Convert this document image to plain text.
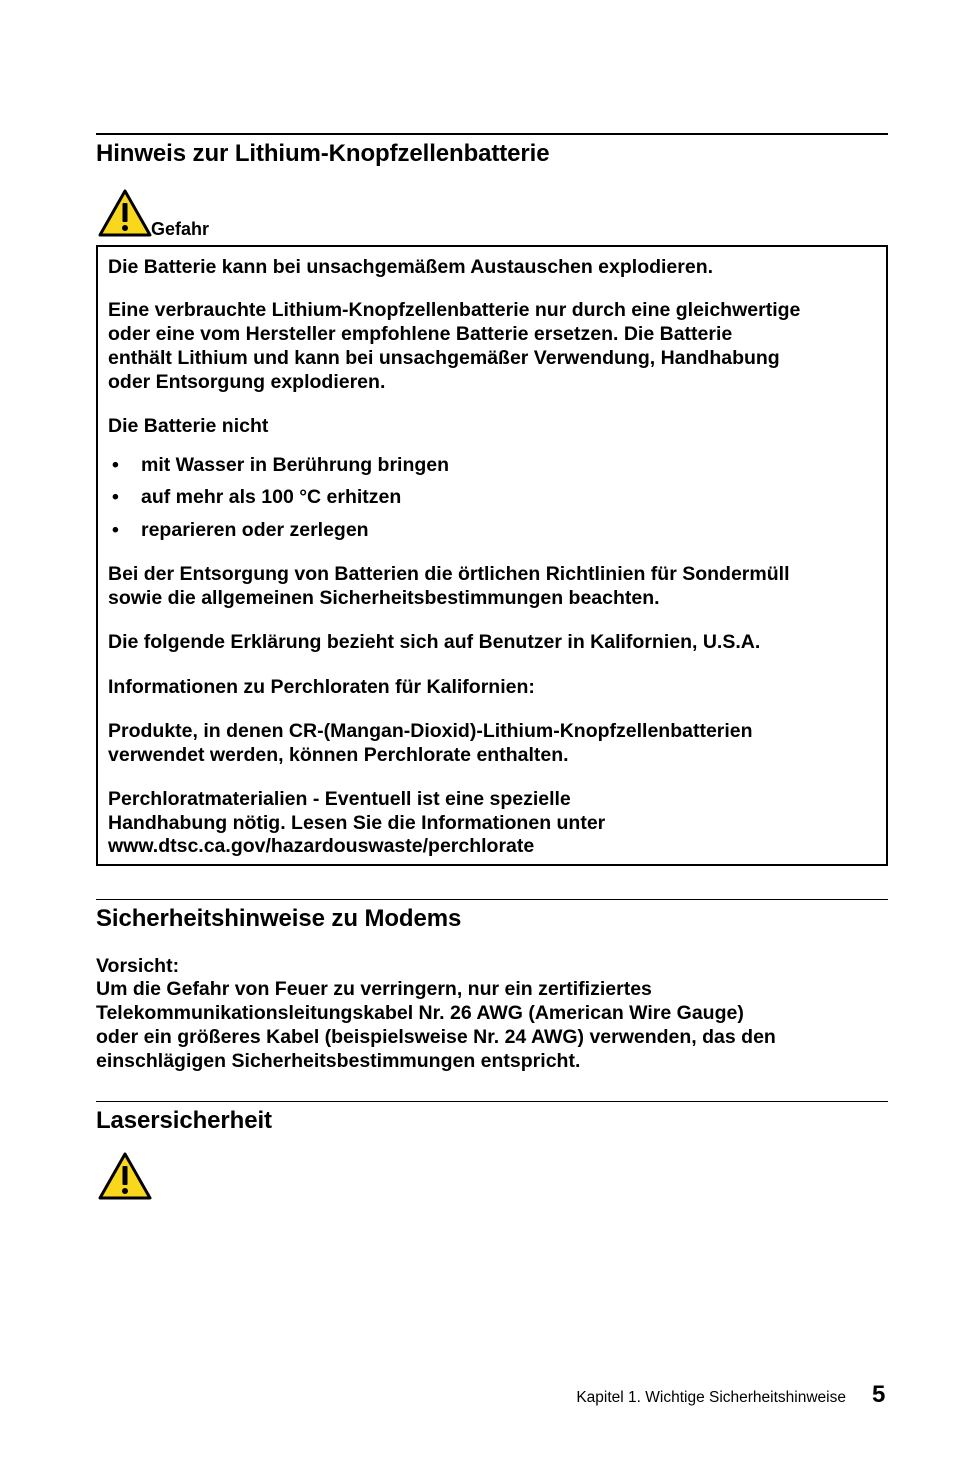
Hinweis zur Lithium-Knopfzellenbatterie
Gefahr
Die Batterie kann bei unsachgemäßem Austauschen explodieren.
Eine verbrauchte Lithium-Knopfzellenbatterie nur durch eine gleichwertige
oder eine vom Hersteller empfohlene Batterie ersetzen. Die Batterie
enthält Lithium und kann bei unsachgemäßer Verwendung, Handhabung
oder Entsorgung explodieren.
Die Batterie nicht
• mit Wasser in Berührung bringen
• auf mehr als 100 °C erhitzen
• reparieren oder zerlegen
Bei der Entsorgung von Batterien die örtlichen Richtlinien für Sondermüll
sowie die allgemeinen Sicherheitsbestimmungen beachten.
Die folgende Erklärung bezieht sich auf Benutzer in Kalifornien, U.S.A.
Informationen zu Perchloraten für Kalifornien:
Produkte, in denen CR-(Mangan-Dioxid)-Lithium-Knopfzellenbatterien
verwendet werden, können Perchlorate enthalten.
Perchloratmaterialien - Eventuell ist eine spezielle
Handhabung nötig. Lesen Sie die Informationen unter
www.dtsc.ca.gov/hazardouswaste/perchlorate
Sicherheitshinweise zu Modems
Vorsicht:
Um die Gefahr von Feuer zu verringern, nur ein zertifiziertes
Telekommunikationsleitungskabel Nr. 26 AWG (American Wire Gauge)
oder ein größeres Kabel (beispielsweise Nr. 24 AWG) verwenden, das den
einschlägigen Sicherheitsbestimmungen entspricht.
Lasersicherheit
Kapitel 1. Wichtige Sicherheitshinweise 5
